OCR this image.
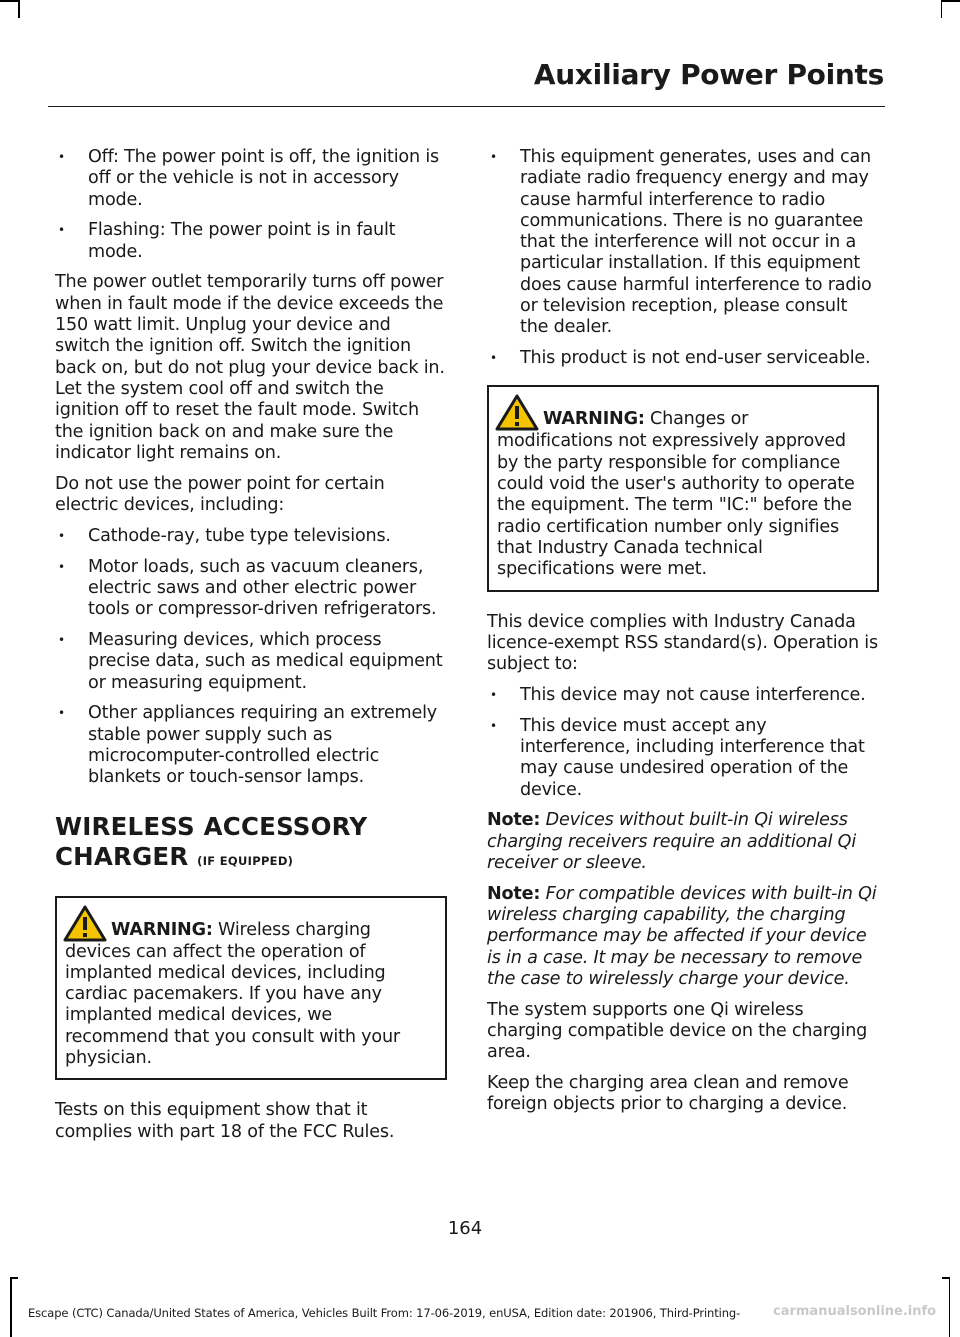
Auxiliary Power Points
• Off: The power point is off, the ignition is off or the vehicle is not in accessory mode.
• Flashing: The power point is in fault mode.

The power outlet temporarily turns off power when in fault mode if the device exceeds the 150 watt limit. Unplug your device and switch the ignition off. Switch the ignition back on, but do not plug your device back in. Let the system cool off and switch the ignition off to reset the fault mode. Switch the ignition back on and make sure the indicator light remains on.

Do not use the power point for certain electric devices, including:

• Cathode-ray, tube type televisions.
• Motor loads, such as vacuum cleaners, electric saws and other electric power tools or compressor-driven refrigerators.
• Measuring devices, which process precise data, such as medical equipment or measuring equipment.
• Other appliances requiring an extremely stable power supply such as microcomputer-controlled electric blankets or touch-sensor lamps.
WIRELESS ACCESSORY CHARGER (IF EQUIPPED)

WARNING: Wireless charging devices can affect the operation of implanted medical devices, including cardiac pacemakers. If you have any implanted medical devices, we recommend that you consult with your physician.

Tests on this equipment show that it complies with part 18 of the FCC Rules.

• This equipment generates, uses and can radiate radio frequency energy and may cause harmful interference to radio communications. There is no guarantee that the interference will not occur in a particular installation. If this equipment does cause harmful interference to radio or television reception, please consult the dealer.
• This product is not end-user serviceable.

WARNING: Changes or modifications not expressively approved by the party responsible for compliance could void the user's authority to operate the equipment. The term "IC:" before the radio certification number only signifies that Industry Canada technical specifications were met.

This device complies with Industry Canada licence-exempt RSS standard(s). Operation is subject to:

• This device may not cause interference.
• This device must accept any interference, including interference that may cause undesired operation of the device.

Note: Devices without built-in Qi wireless charging receivers require an additional Qi receiver or sleeve.

Note: For compatible devices with built-in Qi wireless charging capability, the charging performance may be affected if your device is in a case. It may be necessary to remove the case to wirelessly charge your device.

The system supports one Qi wireless charging compatible device on the charging area.

Keep the charging area clean and remove foreign objects prior to charging a device.

164
Escape (CTC) Canada/United States of America, Vehicles Built From: 17-06-2019, enUSA, Edition date: 201906, Third-Printing-	carmanualsonline.info
